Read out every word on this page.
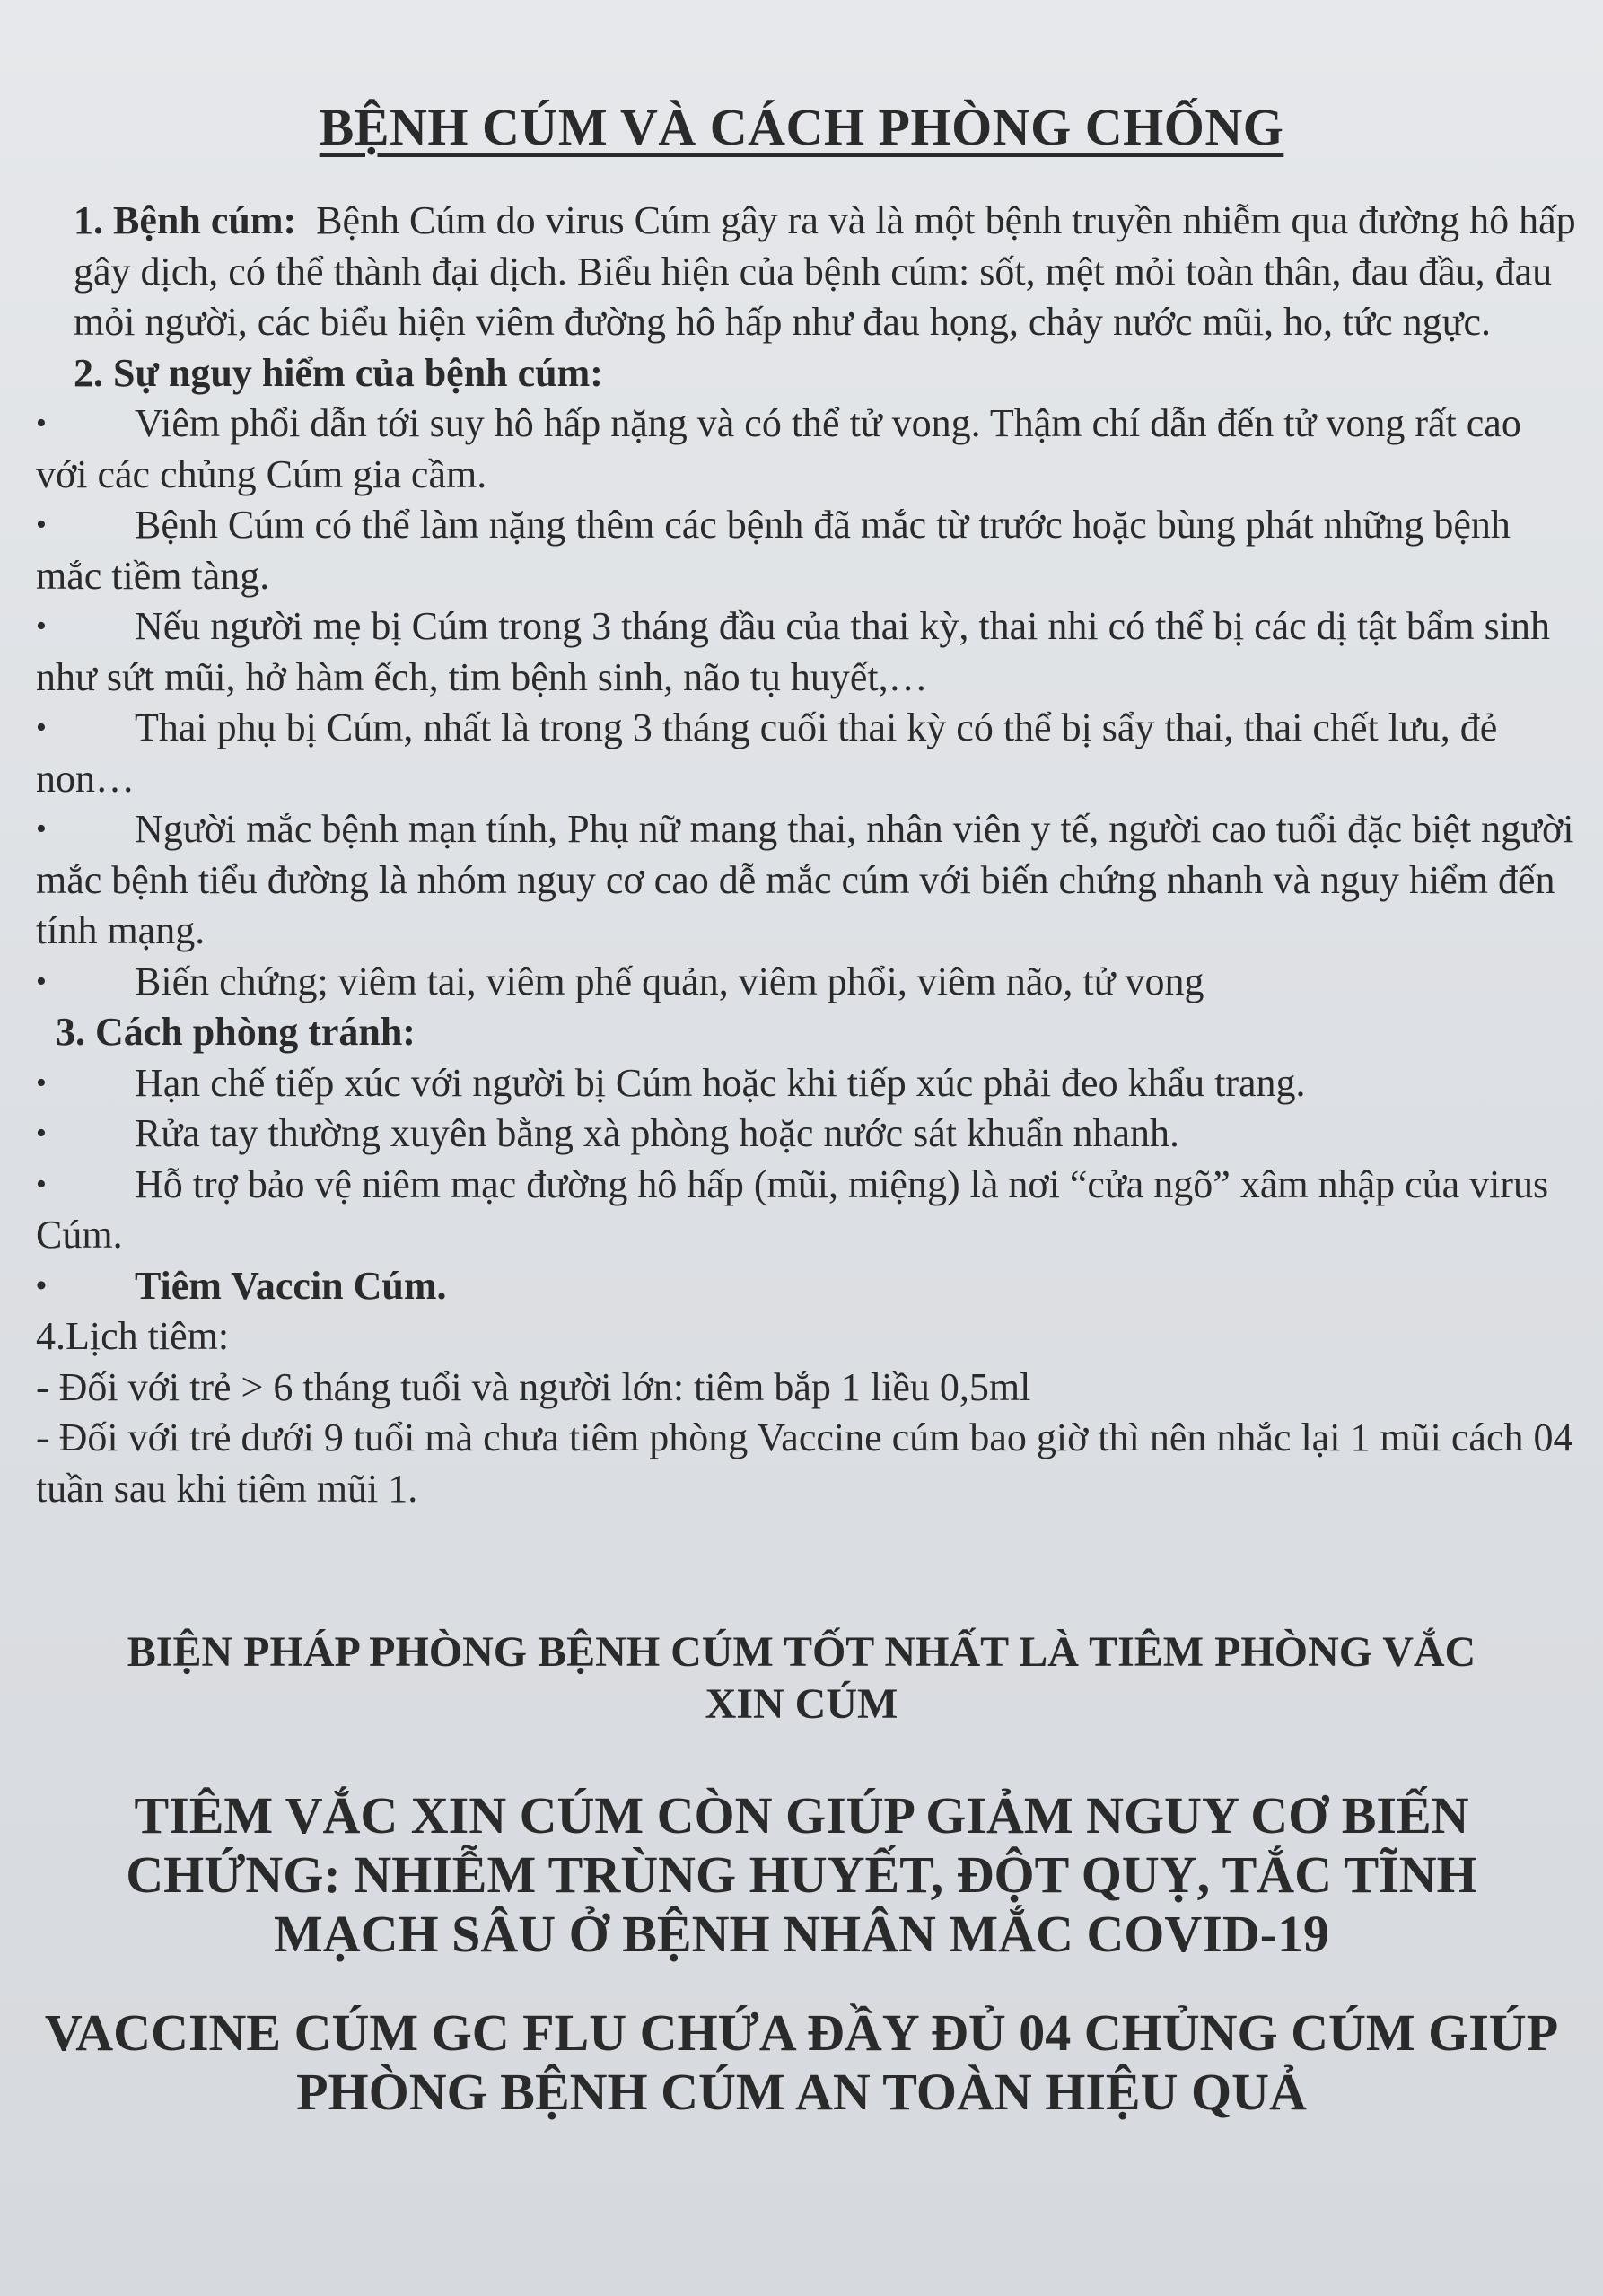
BỆNH CÚM VÀ CÁCH PHÒNG CHỐNG

1. Bệnh cúm: Bệnh Cúm do virus Cúm gây ra và là một bệnh truyền nhiễm qua đường hô hấp gây dịch, có thể thành đại dịch. Biểu hiện của bệnh cúm: sốt, mệt mỏi toàn thân, đau đầu, đau mỏi người, các biểu hiện viêm đường hô hấp như đau họng, chảy nước mũi, ho, tức ngực.

2. Sự nguy hiểm của bệnh cúm:

• Viêm phổi dẫn tới suy hô hấp nặng và có thể tử vong. Thậm chí dẫn đến tử vong rất cao với các chủng Cúm gia cầm.

• Bệnh Cúm có thể làm nặng thêm các bệnh đã mắc từ trước hoặc bùng phát những bệnh mắc tiềm tàng.

• Nếu người mẹ bị Cúm trong 3 tháng đầu của thai kỳ, thai nhi có thể bị các dị tật bẩm sinh như sứt mũi, hở hàm ếch, tim bệnh sinh, não tụ huyết,…

• Thai phụ bị Cúm, nhất là trong 3 tháng cuối thai kỳ có thể bị sẩy thai, thai chết lưu, đẻ non…

• Người mắc bệnh mạn tính, Phụ nữ mang thai, nhân viên y tế, người cao tuổi đặc biệt người mắc bệnh tiểu đường là nhóm nguy cơ cao dễ mắc cúm với biến chứng nhanh và nguy hiểm đến tính mạng.

• Biến chứng; viêm tai, viêm phế quản, viêm phổi, viêm não, tử vong

3. Cách phòng tránh:

• Hạn chế tiếp xúc với người bị Cúm hoặc khi tiếp xúc phải đeo khẩu trang.

• Rửa tay thường xuyên bằng xà phòng hoặc nước sát khuẩn nhanh.

• Hỗ trợ bảo vệ niêm mạc đường hô hấp (mũi, miệng) là nơi “cửa ngõ” xâm nhập của virus Cúm.

• Tiêm Vaccin Cúm.

4.Lịch tiêm:

- Đối với trẻ > 6 tháng tuổi và người lớn: tiêm bắp 1 liều 0,5ml

- Đối với trẻ dưới 9 tuổi mà chưa tiêm phòng Vaccine cúm bao giờ thì nên nhắc lại 1 mũi cách 04 tuần sau khi tiêm mũi 1.

BIỆN PHÁP PHÒNG BỆNH CÚM TỐT NHẤT LÀ TIÊM PHÒNG VẮC
XIN CÚM
TIÊM VẮC XIN CÚM CÒN GIÚP GIẢM NGUY CƠ BIẾN
CHỨNG: NHIỄM TRÙNG HUYẾT, ĐỘT QUỴ, TẮC TĨNH
MẠCH SÂU Ở BỆNH NHÂN MẮC COVID-19
VACCINE CÚM GC FLU CHỨA ĐẦY ĐỦ 04 CHỦNG CÚM GIÚP
PHÒNG BỆNH CÚM AN TOÀN HIỆU QUẢ
